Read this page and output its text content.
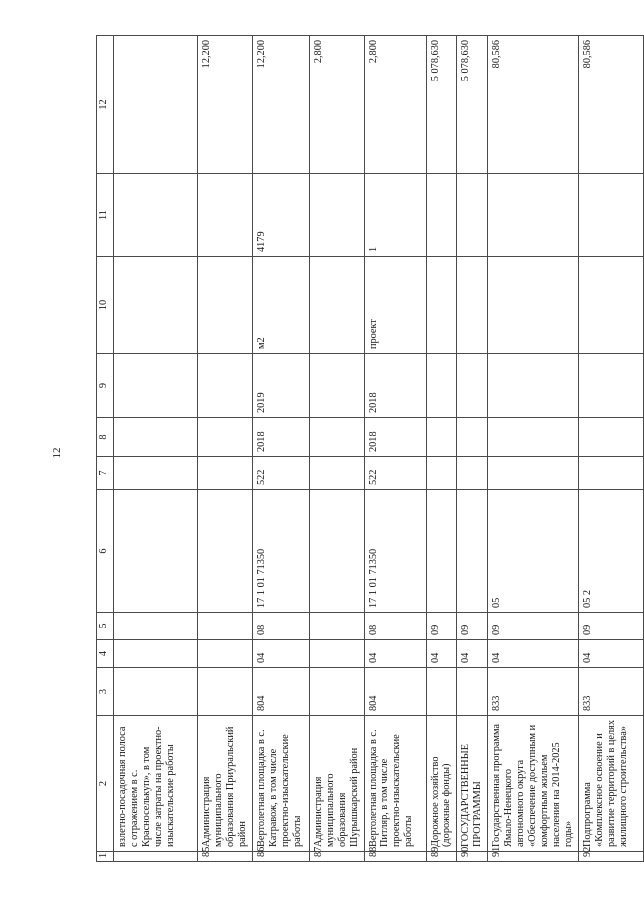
12
1	2	3	4	5	6	7	8	9	10	11	12
	взлетно-посадочная полоса с отражением в с. Красноселькуп», в том числе затраты на проектно-изыскательские работы										
85	Администрация муниципального образования Приуральский район										12,200
86	Вертолетная площадка в с. Катравож, в том числе проектно-изыскательские работы	804	04	08	17 1 01 71350	522	2018	2019	м2	4179	12,200
87	Администрация муниципального образования Шурышкарский район										2,800
88	Вертолетная площадка в с. Питляр, в том числе проектно-изыскательские работы	804	04	08	17 1 01 71350	522	2018	2018	проект	1	2,800
89	Дорожное хозяйство (дорожные фонды)		04	09							5 078,630
90	ГОСУДАРСТВЕННЫЕ ПРОГРАММЫ		04	09							5 078,630
91	Государственная программа Ямало-Ненецкого автономного округа «Обеспечение доступным и комфортным жильем населения на 2014-2025 годы»	833	04	09	05						80,586
92	Подпрограмма «Комплексное освоение и развитие территорий в целях жилищного строительства»	833	04	09	05 2						80,586
